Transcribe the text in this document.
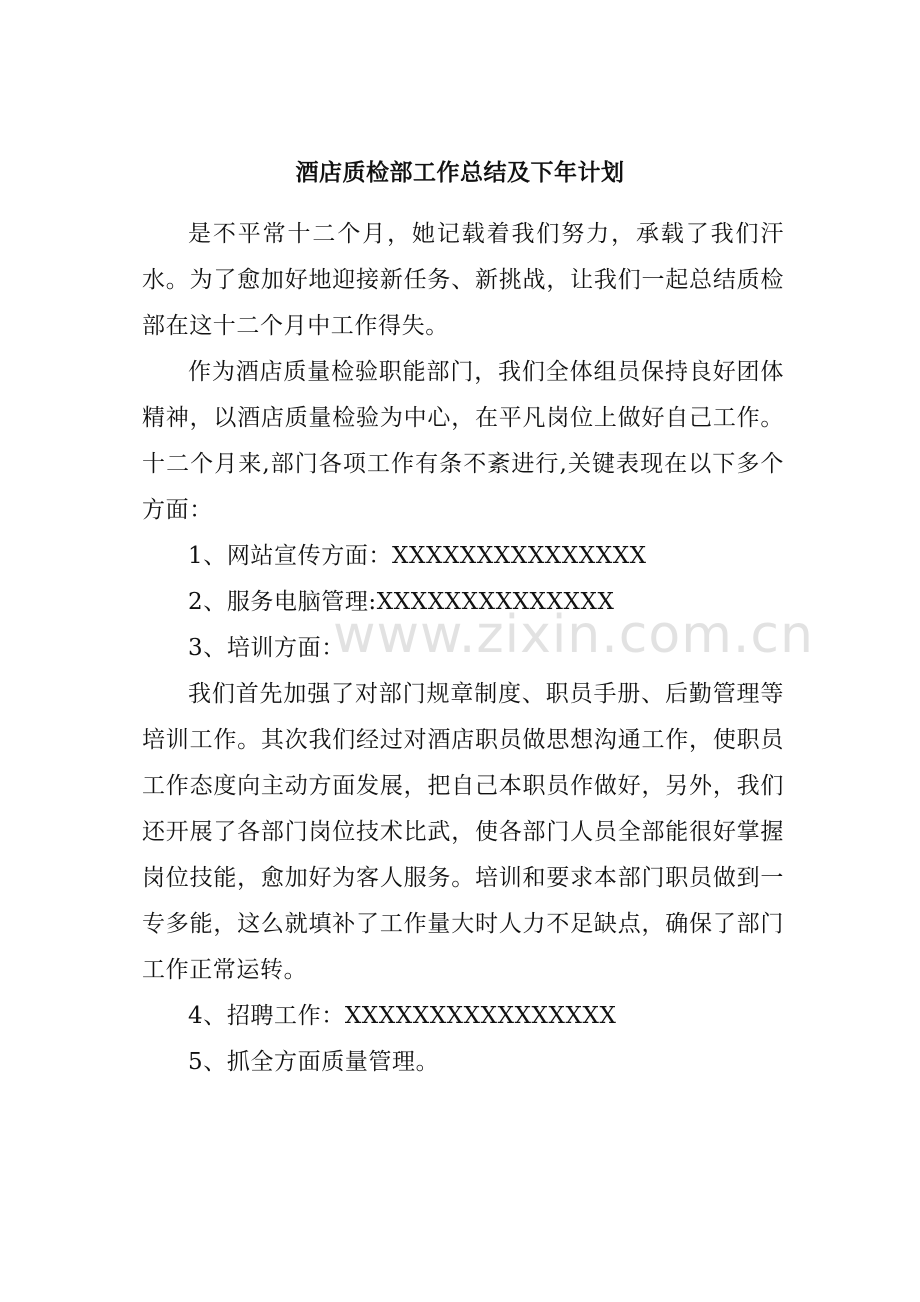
酒店质检部工作总结及下年计划

是不平常十二个月，她记载着我们努力，承载了我们汗水。为了愈加好地迎接新任务、新挑战，让我们一起总结质检部在这十二个月中工作得失。

作为酒店质量检验职能部门，我们全体组员保持良好团体精神，以酒店质量检验为中心，在平凡岗位上做好自己工作。十二个月来,部门各项工作有条不紊进行,关键表现在以下多个方面：

1、网站宣传方面：XXXXXXXXXXXXXXX

2、服务电脑管理:XXXXXXXXXXXXXX

3、培训方面：

我们首先加强了对部门规章制度、职员手册、后勤管理等培训工作。其次我们经过对酒店职员做思想沟通工作，使职员工作态度向主动方面发展，把自己本职员作做好，另外，我们还开展了各部门岗位技术比武，使各部门人员全部能很好掌握岗位技能，愈加好为客人服务。培训和要求本部门职员做到一专多能，这么就填补了工作量大时人力不足缺点，确保了部门工作正常运转。

4、招聘工作：XXXXXXXXXXXXXXXX

5、抓全方面质量管理。

www.zixin.com.cn
